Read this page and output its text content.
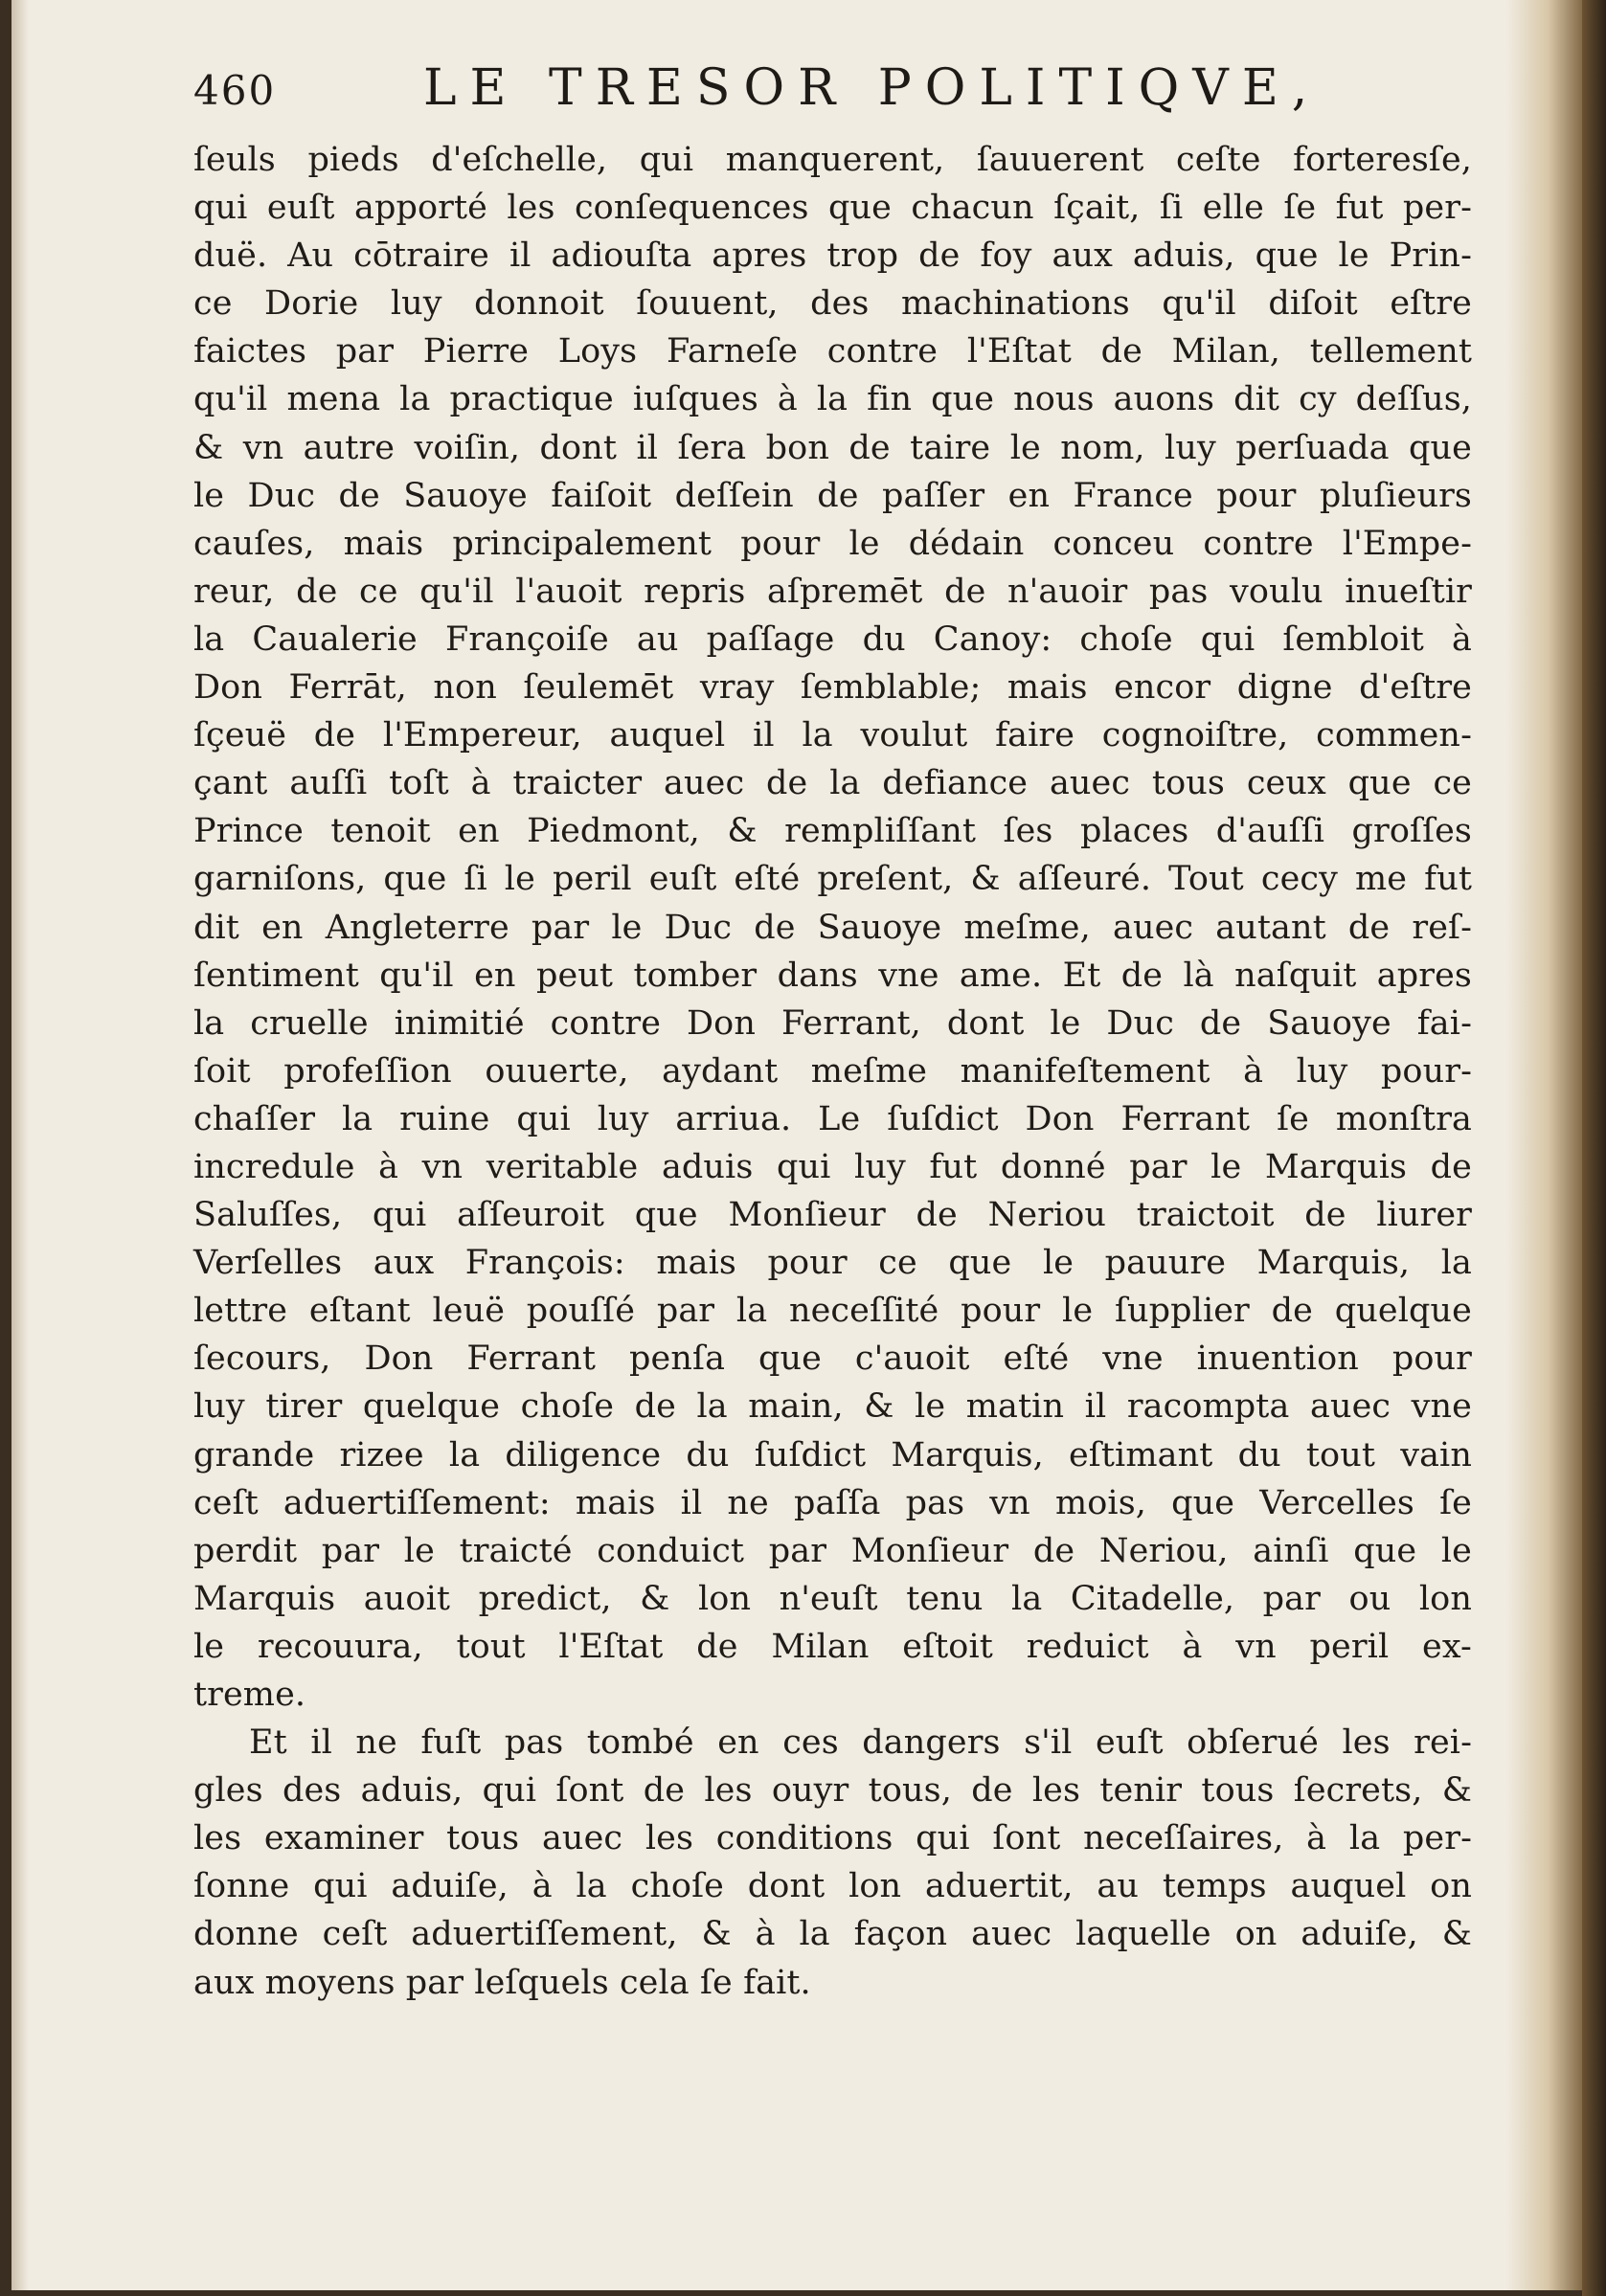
460	LE TRESOR POLITIQVE,
ſeuls pieds d'eſchelle, qui manquerent, ſauuerent ceſte forteresſe,
qui euſt apporté les conſequences que chacun ſçait, ſi elle ſe fut per-
duë. Au cōtraire il adiouſta apres trop de foy aux aduis, que le Prin-
ce Dorie luy donnoit ſouuent, des machinations qu'il diſoit eſtre
faictes par Pierre Loys Farneſe contre l'Eſtat de Milan, tellement
qu'il mena la practique iuſques à la fin que nous auons dit cy deſſus,
& vn autre voiſin, dont il ſera bon de taire le nom, luy perſuada que
le Duc de Sauoye faiſoit deſſein de paſſer en France pour pluſieurs
cauſes, mais principalement pour le dédain conceu contre l'Empe-
reur, de ce qu'il l'auoit repris aſpremēt de n'auoir pas voulu inueſtir
la Caualerie Françoiſe au paſſage du Canoy: choſe qui ſembloit à
Don Ferrāt, non ſeulemēt vray ſemblable; mais encor digne d'eſtre
ſçeuë de l'Empereur, auquel il la voulut faire cognoiſtre, commen-
çant auſſi toſt à traicter auec de la defiance auec tous ceux que ce
Prince tenoit en Piedmont, & rempliſſant ſes places d'auſſi groſſes
garniſons, que ſi le peril euſt eſté preſent, & aſſeuré. Tout cecy me fut
dit en Angleterre par le Duc de Sauoye meſme, auec autant de reſ-
ſentiment qu'il en peut tomber dans vne ame. Et de là naſquit apres
la cruelle inimitié contre Don Ferrant, dont le Duc de Sauoye fai-
ſoit profeſſion ouuerte, aydant meſme manifeſtement à luy pour-
chaſſer la ruine qui luy arriua. Le ſuſdict Don Ferrant ſe monſtra
incredule à vn veritable aduis qui luy fut donné par le Marquis de
Saluſſes, qui aſſeuroit que Monſieur de Neriou traictoit de liurer
Verſelles aux François: mais pour ce que le pauure Marquis, la
lettre eſtant leuë pouſſé par la neceſſité pour le ſupplier de quelque
ſecours, Don Ferrant penſa que c'auoit eſté vne inuention pour
luy tirer quelque choſe de la main, & le matin il racompta auec vne
grande rizee la diligence du ſuſdict Marquis, eſtimant du tout vain
ceſt aduertiſſement: mais il ne paſſa pas vn mois, que Vercelles ſe
perdit par le traicté conduict par Monſieur de Neriou, ainſi que le
Marquis auoit predict, & lon n'euſt tenu la Citadelle, par ou lon
le recouura, tout l'Eſtat de Milan eſtoit reduict à vn peril ex-
treme.
Et il ne fuſt pas tombé en ces dangers s'il euſt obſerué les rei-
gles des aduis, qui ſont de les ouyr tous, de les tenir tous ſecrets, &
les examiner tous auec les conditions qui ſont neceſſaires, à la per-
ſonne qui aduiſe, à la choſe dont lon aduertit, au temps auquel on
donne ceſt aduertiſſement, & à la façon auec laquelle on aduiſe, &
aux moyens par leſquels cela ſe fait.
